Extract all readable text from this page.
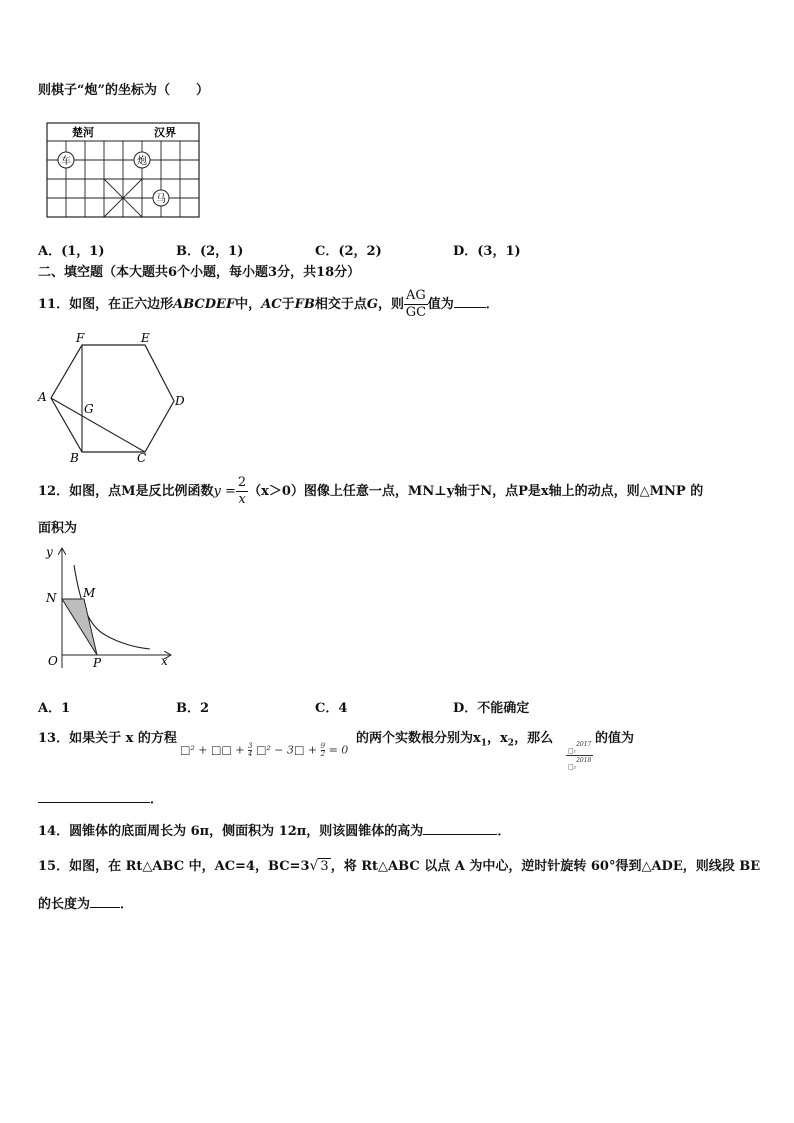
则棋子“炮”的坐标为（　　）
楚河	汉界
车	炮
马
A．(1，1)	B．(2，1)	C．(2，2)	D．(3，1)
二、填空题（本大题共6个小题，每小题3分，共18分）
11．如图，在正六边形ABCDEF中，AC于FB相交于点G，则 $\frac{AG}{GC}$ 值为 ．
F	E
A
G
D
B	C
12．如图，点M是反比例函数$y = \frac{2}{x} (x>0)$图像上任意一点，MN⊥y轴于N，点P是x轴上的动点，则△MNP 的
面积为
y
N M
O	P	x
A．1	B．2	C．4	D．不能确定
13．如果关于 x 的方程
□² + □□ + $\frac{3}{4}$ □² − 3□ + $\frac{9}{2} = 0$
的两个实数根分别为$x_1$，$x_2$，那么
□₁$^{2017}$
□₂$^{2018}$
的值为
．
14．圆锥体的底面周长为 6π，侧面积为 12π，则该圆锥体的高为	．
15．如图，在 Rt△ABC 中，AC=4，BC=3√ 3 ，将 Rt△ABC 以点 A 为中心，逆时针旋转 60°得到△ADE，则线段 BE
的长度为 ．
